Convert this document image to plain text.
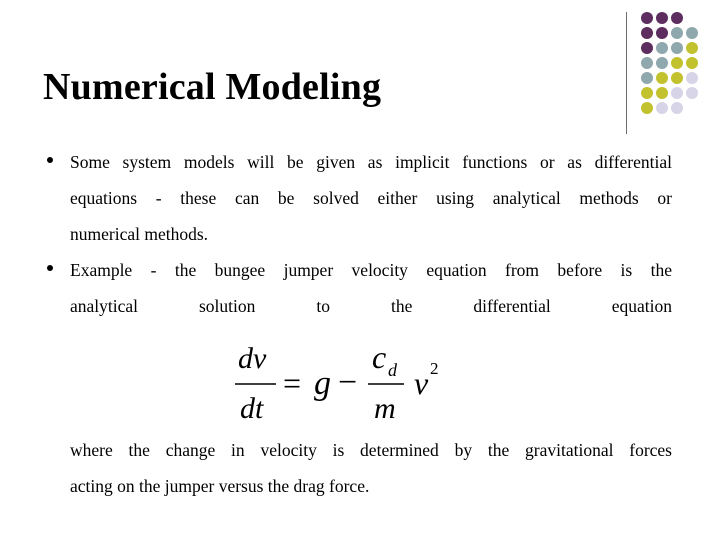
Numerical Modeling
Some system models will be given as implicit functions or as differential
equations - these can be solved either using analytical methods or
numerical methods.
Example - the bungee jumper velocity equation from before is the
analytical solution to the differential equation
dv
dt
= g −
c d
m
v 2
where the change in velocity is determined by the gravitational forces
acting on the jumper versus the drag force.
